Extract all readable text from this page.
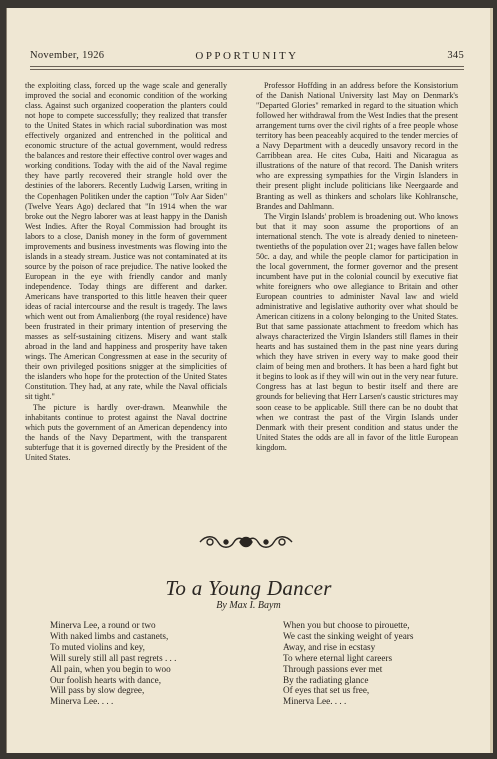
November, 1926	OPPORTUNITY	345

the exploiting class, forced up the wage scale and generally improved the social and economic condition of the working class. Against such organized cooperation the planters could not hope to compete successfully; they realized that transfer to the United States in which racial subordination was most effectively organized and entrenched in the political and economic structure of the actual government, would redress the balances and restore their effective control over wages and working conditions. Today with the aid of the Naval regime they have partly recovered their strangle hold over the destinies of the laborers. Recently Ludwig Larsen, writing in the Copenhagen Politiken under the caption "Tolv Aar Siden" (Twelve Years Ago) declared that "In 1914 when the war broke out the Negro laborer was at least happy in the Danish West Indies. After the Royal Commission had brought its labors to a close, Danish money in the form of government improvements and business investments was flowing into the islands in a steady stream. Justice was not contaminated at its source by the poison of race prejudice. The native looked the European in the eye with friendly candor and manly independence. Today things are different and darker. Americans have transported to this little heaven their queer ideas of racial intercourse and the result is tragedy. The laws which went out from Amalienborg (the royal residence) have been frustrated in their primary intention of preserving the masses as self-sustaining citizens. Misery and want stalk abroad in the land and happiness and prosperity have taken wings. The American Congressmen at ease in the security of their own privileged positions snigger at the simplicities of the islanders who hope for the protection of the United States Constitution. They had, at any rate, while the Naval officials sit tight."

The picture is hardly over-drawn. Meanwhile the inhabitants continue to protest against the Naval doctrine which puts the government of an American dependency into the hands of the Navy Department, with the transparent subterfuge that it is governed directly by the President of the United States.

Professor Hoffding in an address before the Konsistorium of the Danish National University last May on Denmark's "Departed Glories" remarked in regard to the situation which followed her withdrawal from the West Indies that the present arrangement turns over the civil rights of a free people whose territory has been peaceably acquired to the tender mercies of a Navy Department with a deucedly unsavory record in the Carribbean area. He cites Cuba, Haiti and Nicaragua as illustrations of the nature of that record. The Danish writers who are expressing sympathies for the Virgin Islanders in their present plight include politicians like Neergaarde and Branting as well as thinkers and scholars like Kohlransche, Brandes and Dahlmann.

The Virgin Islands' problem is broadening out. Who knows but that it may soon assume the proportions of an international stench. The vote is already denied to nineteen-twentieths of the population over 21; wages have fallen below 50c. a day, and while the people clamor for participation in the local government, the former governor and the present incumbent have put in the colonial council by executive fiat white foreigners who owe allegiance to Britain and other European countries to administer Naval law and wield administrative and legislative authority over what should be American citizens in a colony belonging to the United States. But that same passionate attachment to freedom which has always characterized the Virgin Islanders still flames in their hearts and has sustained them in the past nine years during which they have striven in every way to make good their claim of being men and brothers. It has been a hard fight but it begins to look as if they will win out in the very near future. Congress has at last begun to bestir itself and there are grounds for believing that Herr Larsen's caustic strictures may soon cease to be applicable. Still there can be no doubt that when we contrast the past of the Virgin Islands under Denmark with their present condition and status under the United States the odds are all in favor of the little European kingdom.

To a Young Dancer
By Max I. Baym
Minerva Lee, a round or two
With naked limbs and castanets,
To muted violins and key,
Will surely still all past regrets . . .
All pain, when you begin to woo
Our foolish hearts with dance,
Will pass by slow degree,
Minerva Lee. . . .
When you but choose to pirouette,
We cast the sinking weight of years
Away, and rise in ecstasy
To where eternal light careers
Through passions ever met
By the radiating glance
Of eyes that set us free,
Minerva Lee. . . .
